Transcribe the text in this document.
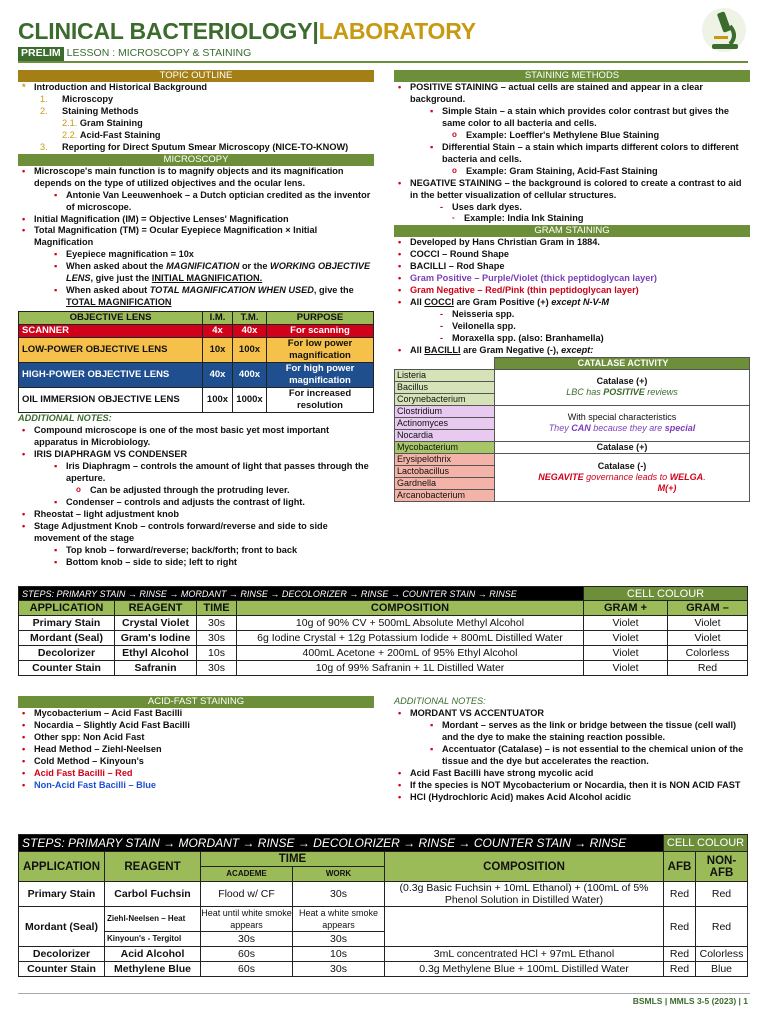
CLINICAL BACTERIOLOGY|LABORATORY
PRELIM LESSON : MICROSCOPY & STAINING
TOPIC OUTLINE
* Introduction and Historical Background
1. Microscopy
2. Staining Methods
2.1. Gram Staining
2.2. Acid-Fast Staining
3. Reporting for Direct Sputum Smear Microscopy (NICE-TO-KNOW)
MICROSCOPY
• Microscope's main function is to magnify objects and its magnification depends on the type of utilized objectives and the ocular lens.
▪ Antonie Van Leeuwenhoek – a Dutch optician credited as the inventor of microscope.
• Initial Magnification (IM) = Objective Lenses' Magnification
• Total Magnification (TM) = Ocular Eyepiece Magnification × Initial Magnification
▪ Eyepiece magnification = 10x
▪ When asked about the MAGNIFICATION or the WORKING OBJECTIVE LENS, give just the INITIAL MAGNIFICATION.
▪ When asked about TOTAL MAGNIFICATION WHEN USED, give the TOTAL MAGNIFICATION
OBJECTIVE LENS	I.M.	T.M.	PURPOSE
SCANNER	4x	40x	For scanning
LOW-POWER OBJECTIVE LENS	10x	100x	For low power magnification
HIGH-POWER OBJECTIVE LENS	40x	400x	For high power magnification
OIL IMMERSION OBJECTIVE LENS	100x	1000x	For increased resolution
ADDITIONAL NOTES:
• Compound microscope is one of the most basic yet most important apparatus in Microbiology.
• IRIS DIAPHRAGM VS CONDENSER
▪ Iris Diaphragm – controls the amount of light that passes through the aperture.
o Can be adjusted through the protruding lever.
▪ Condenser – controls and adjusts the contrast of light.
• Rheostat – light adjustment knob
• Stage Adjustment Knob – controls forward/reverse and side to side movement of the stage
▪ Top knob – forward/reverse; back/forth; front to back
▪ Bottom knob – side to side; left to right
STAINING METHODS
• POSITIVE STAINING – actual cells are stained and appear in a clear background.
▪ Simple Stain – a stain which provides color contrast but gives the same color to all bacteria and cells.
o Example: Loeffler's Methylene Blue Staining
▪ Differential Stain – a stain which imparts different colors to different bacteria and cells.
o Example: Gram Staining, Acid-Fast Staining
• NEGATIVE STAINING – the background is colored to create a contrast to aid in the better visualization of cellular structures.
- Uses dark dyes.
- Example: India Ink Staining
GRAM STAINING
• Developed by Hans Christian Gram in 1884.
• COCCI – Round Shape
• BACILLI – Rod Shape
• Gram Positive – Purple/Violet (thick peptidoglycan layer)
• Gram Negative – Red/Pink (thin peptidoglycan layer)
• All COCCI are Gram Positive (+) except N-V-M
- Neisseria spp.
- Veilonella spp.
- Moraxella spp. (also: Branhamella)
• All BACILLI are Gram Negative (-), except:
	CATALASE ACTIVITY
Listeria	Catalase (+)
LBC has POSITIVE reviews
Bacillus	
Corynebacterium	
Clostridium	With special characteristics
They CAN because they are special
Actinomyces	
Nocardia	
Mycobacterium	Catalase (+)
Erysipelothrix	Catalase (-)
NEGAVITE governance leads to WELGA.
M(+)
Lactobacillus	
Gardnella	
Arcanobacterium	
STEPS: PRIMARY STAIN → RINSE → MORDANT → RINSE → DECOLORIZER → RINSE → COUNTER STAIN → RINSE				CELL COLOUR	
APPLICATION	REAGENT	TIME	COMPOSITION	GRAM +	GRAM –
Primary Stain	Crystal Violet	30s	10g of 90% CV + 500mL Absolute Methyl Alcohol	Violet	Violet
Mordant (Seal)	Gram's Iodine	30s	6g Iodine Crystal + 12g Potassium Iodide + 800mL Distilled Water	Violet	Violet
Decolorizer	Ethyl Alcohol	10s	400mL Acetone + 200mL of 95% Ethyl Alcohol	Violet	Colorless
Counter Stain	Safranin	30s	10g of 99% Safranin + 1L Distilled Water	Violet	Red
ACID-FAST STAINING
• Mycobacterium – Acid Fast Bacilli
• Nocardia – Slightly Acid Fast Bacilli
• Other spp: Non Acid Fast
• Head Method – Ziehl-Neelsen
• Cold Method – Kinyoun's
• Acid Fast Bacilli – Red
• Non-Acid Fast Bacilli – Blue
ADDITIONAL NOTES:
• MORDANT VS ACCENTUATOR
▪ Mordant – serves as the link or bridge between the tissue (cell wall) and the dye to make the staining reaction possible.
▪ Accentuator (Catalase) – is not essential to the chemical union of the tissue and the dye but accelerates the reaction.
• Acid Fast Bacilli have strong mycolic acid
• If the species is NOT Mycobacterium or Nocardia, then it is NON ACID FAST
• HCl (Hydrochloric Acid) makes Acid Alcohol acidic
STEPS: PRIMARY STAIN → MORDANT → RINSE → DECOLORIZER → RINSE → COUNTER STAIN → RINSE					CELL COLOUR	
APPLICATION	REAGENT	TIME		COMPOSITION	AFB	NON-AFB
		ACADEME	WORK			
Primary Stain	Carbol Fuchsin	Flood w/ CF	30s	(0.3g Basic Fuchsin + 10mL Ethanol) + (100mL of 5% Phenol Solution in Distilled Water)	Red	Red
Mordant (Seal)	Ziehl-Neelsen – Heat	Heat until white smoke appears	Heat a white smoke appears		Red	Red
	Kinyoun's - Tergitol	30s	30s			
Decolorizer	Acid Alcohol	60s	10s	3mL concentrated HCl + 97mL Ethanol	Red	Colorless
Counter Stain	Methylene Blue	60s	30s	0.3g Methylene Blue + 100mL Distilled Water	Red	Blue
BSMLS | MMLS 3-5 (2023) | 1
